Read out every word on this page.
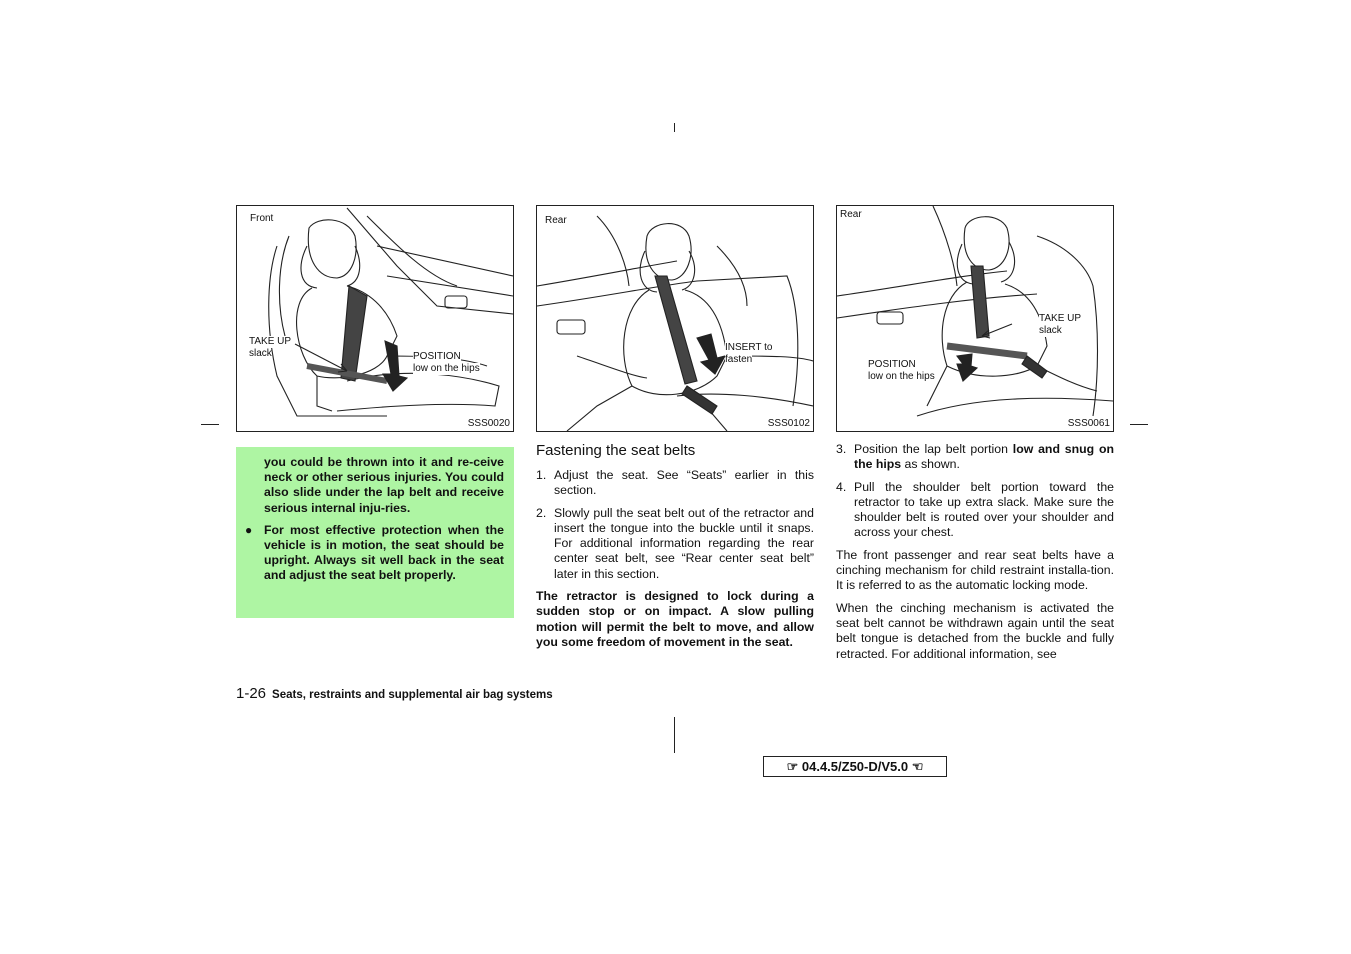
Front
TAKE UP
slack	POSITION
low on the hips
SSS0020
Rear
INSERT to
fasten
SSS0102
Rear
TAKE UP
slack
POSITION
low on the hips
SSS0061

you could be thrown into it and re-ceive neck or other serious injuries. You could also slide under the lap belt and receive serious internal inju-ries.

● For most effective protection when the vehicle is in motion, the seat should be upright. Always sit well back in the seat and adjust the seat belt properly.

Fastening the seat belts
1. Adjust the seat. See “Seats” earlier in this section.
2. Slowly pull the seat belt out of the retractor and insert the tongue into the buckle until it snaps. For additional information regarding the rear center seat belt, see “Rear center seat belt” later in this section.

The retractor is designed to lock during a sudden stop or on impact. A slow pulling motion will permit the belt to move, and allow you some freedom of movement in the seat.

3. Position the lap belt portion low and snug on the hips as shown.
4. Pull the shoulder belt portion toward the retractor to take up extra slack. Make sure the shoulder belt is routed over your shoulder and across your chest.

The front passenger and rear seat belts have a cinching mechanism for child restraint installa-tion. It is referred to as the automatic locking mode.

When the cinching mechanism is activated the seat belt cannot be withdrawn again until the seat belt tongue is detached from the buckle and fully retracted. For additional information, see

1-26 Seats, restraints and supplemental air bag systems
☞ 04.4.5/Z50-D/V5.0 ☜
